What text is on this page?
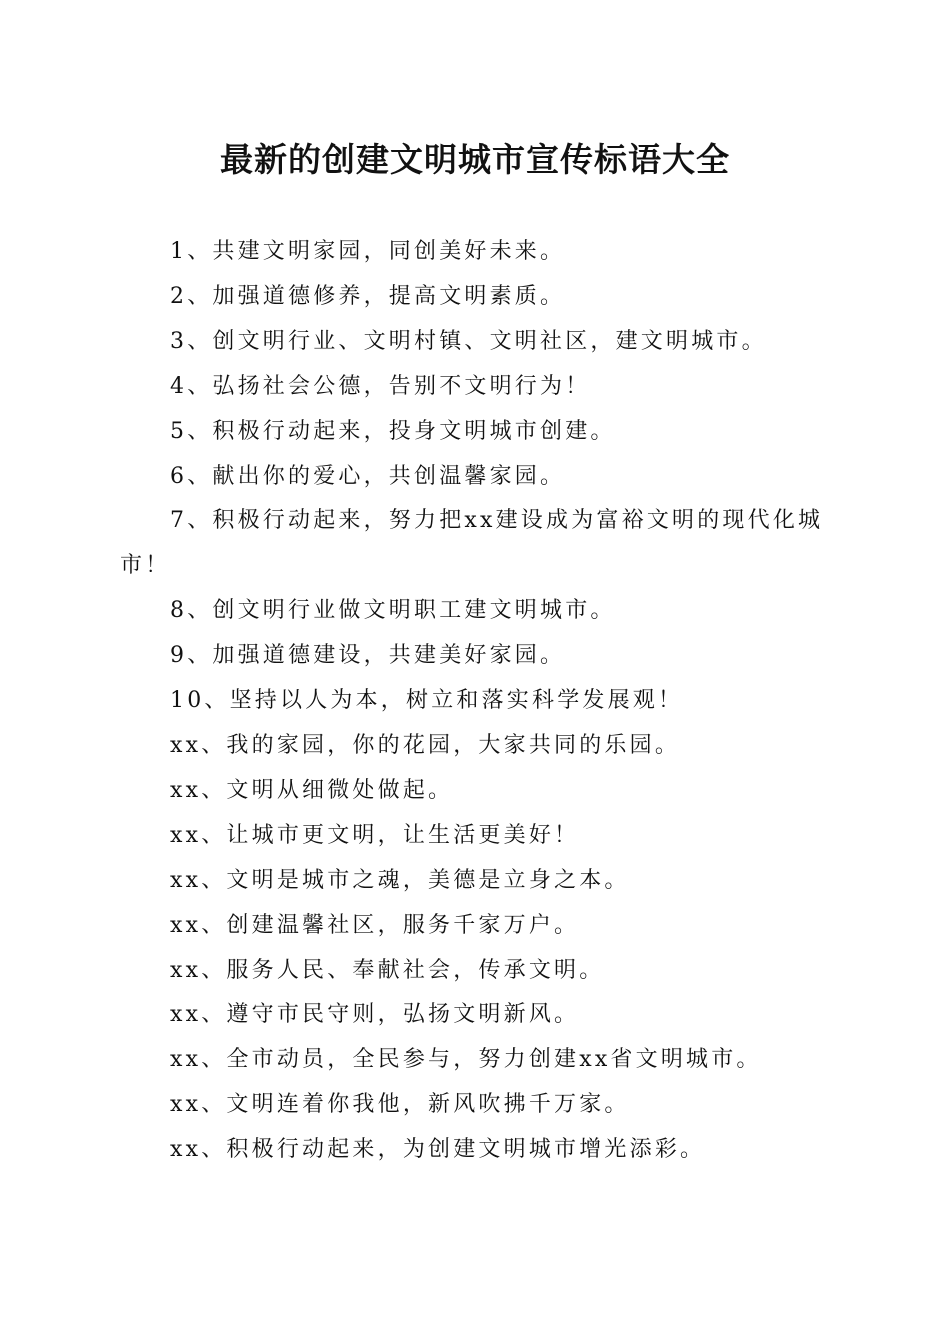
最新的创建文明城市宣传标语大全

1、共建文明家园，同创美好未来。

2、加强道德修养，提高文明素质。

3、创文明行业、文明村镇、文明社区，建文明城市。

4、弘扬社会公德，告别不文明行为！

5、积极行动起来，投身文明城市创建。

6、献出你的爱心，共创温馨家园。

7、积极行动起来，努力把xx建设成为富裕文明的现代化城市！

8、创文明行业做文明职工建文明城市。

9、加强道德建设，共建美好家园。

10、坚持以人为本，树立和落实科学发展观！

xx、我的家园，你的花园，大家共同的乐园。

xx、文明从细微处做起。

xx、让城市更文明，让生活更美好！

xx、文明是城市之魂，美德是立身之本。

xx、创建温馨社区，服务千家万户。

xx、服务人民、奉献社会，传承文明。

xx、遵守市民守则，弘扬文明新风。

xx、全市动员，全民参与，努力创建xx省文明城市。

xx、文明连着你我他，新风吹拂千万家。

xx、积极行动起来，为创建文明城市增光添彩。
